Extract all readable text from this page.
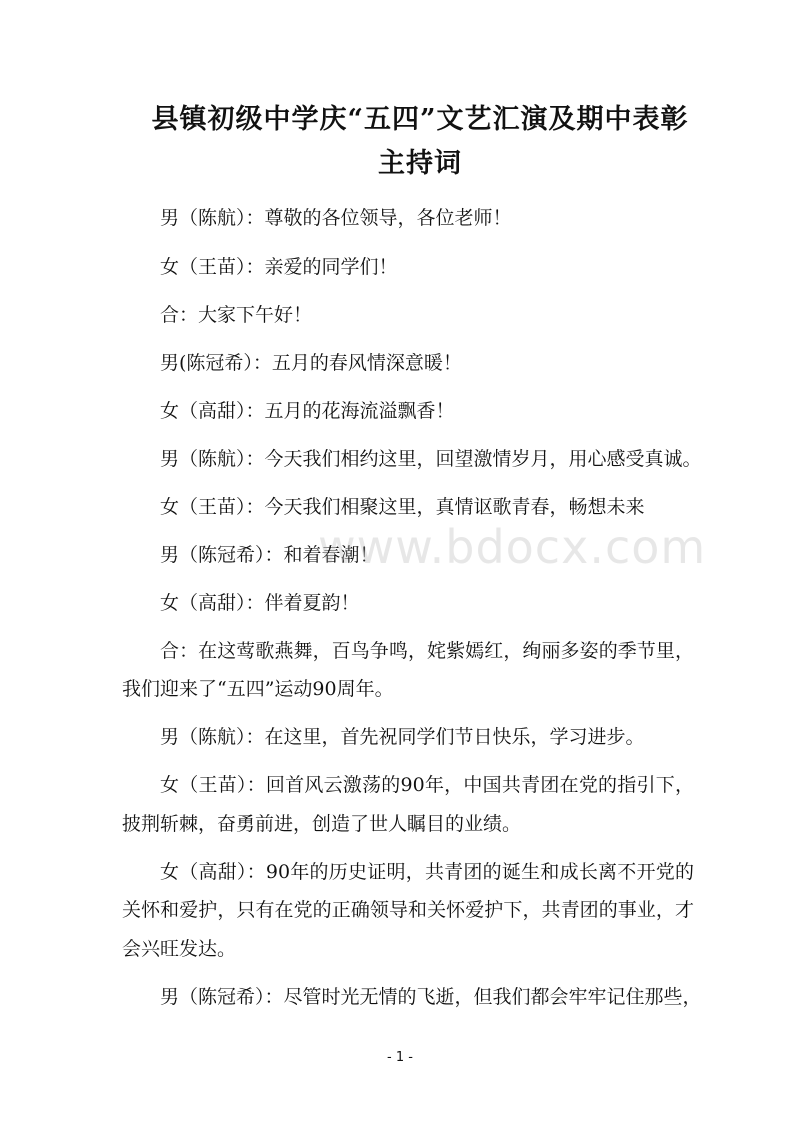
县镇初级中学庆“五四”文艺汇演及期中表彰主持词
男（陈航）：尊敬的各位领导，各位老师！
女（王苗）：亲爱的同学们！
合：大家下午好！
男(陈冠希）：五月的春风情深意暖！
女（高甜）：五月的花海流溢飘香！
男（陈航）：今天我们相约这里，回望激情岁月，用心感受真诚。
女（王苗）：今天我们相聚这里，真情讴歌青春，畅想未来
男（陈冠希）：和着春潮！
女（高甜）：伴着夏韵！
合：在这莺歌燕舞，百鸟争鸣，姹紫嫣红，绚丽多姿的季节里，
我们迎来了“五四”运动90周年。
男（陈航）：在这里，首先祝同学们节日快乐，学习进步。
女（王苗）：回首风云激荡的90年，中国共青团在党的指引下，
披荆斩棘，奋勇前进，创造了世人瞩目的业绩。
女（高甜）：90年的历史证明，共青团的诞生和成长离不开党的
关怀和爱护，只有在党的正确领导和关怀爱护下，共青团的事业，才
会兴旺发达。
男（陈冠希）：尽管时光无情的飞逝，但我们都会牢牢记住那些，
www.bdocx.com
- 1 -
